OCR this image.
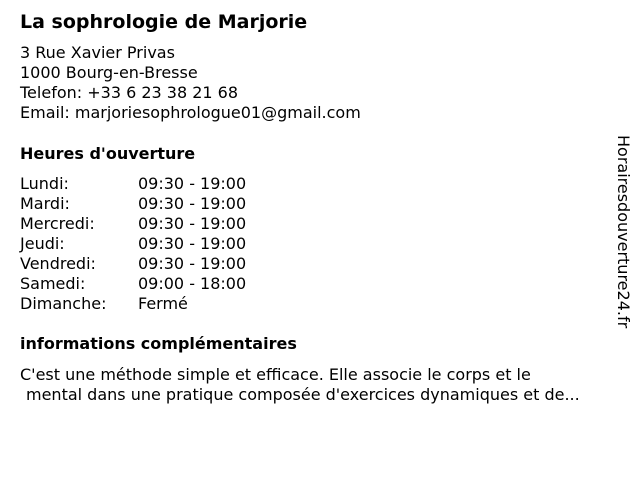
La sophrologie de Marjorie
3 Rue Xavier Privas
1000 Bourg-en-Bresse
Telefon: +33 6 23 38 21 68
Email: marjoriesophrologue01@gmail.com
Heures d'ouverture
Lundi:	09:30 - 19:00
Mardi:	09:30 - 19:00
Mercredi:	09:30 - 19:00
Jeudi:	09:30 - 19:00
Vendredi:	09:30 - 19:00
Samedi:	09:00 - 18:00
Dimanche:	Fermé
informations complémentaires
C'est une méthode simple et efficace. Elle associe le corps et le
mental dans une pratique composée d'exercices dynamiques et de...
Horairesdouverture24.fr
